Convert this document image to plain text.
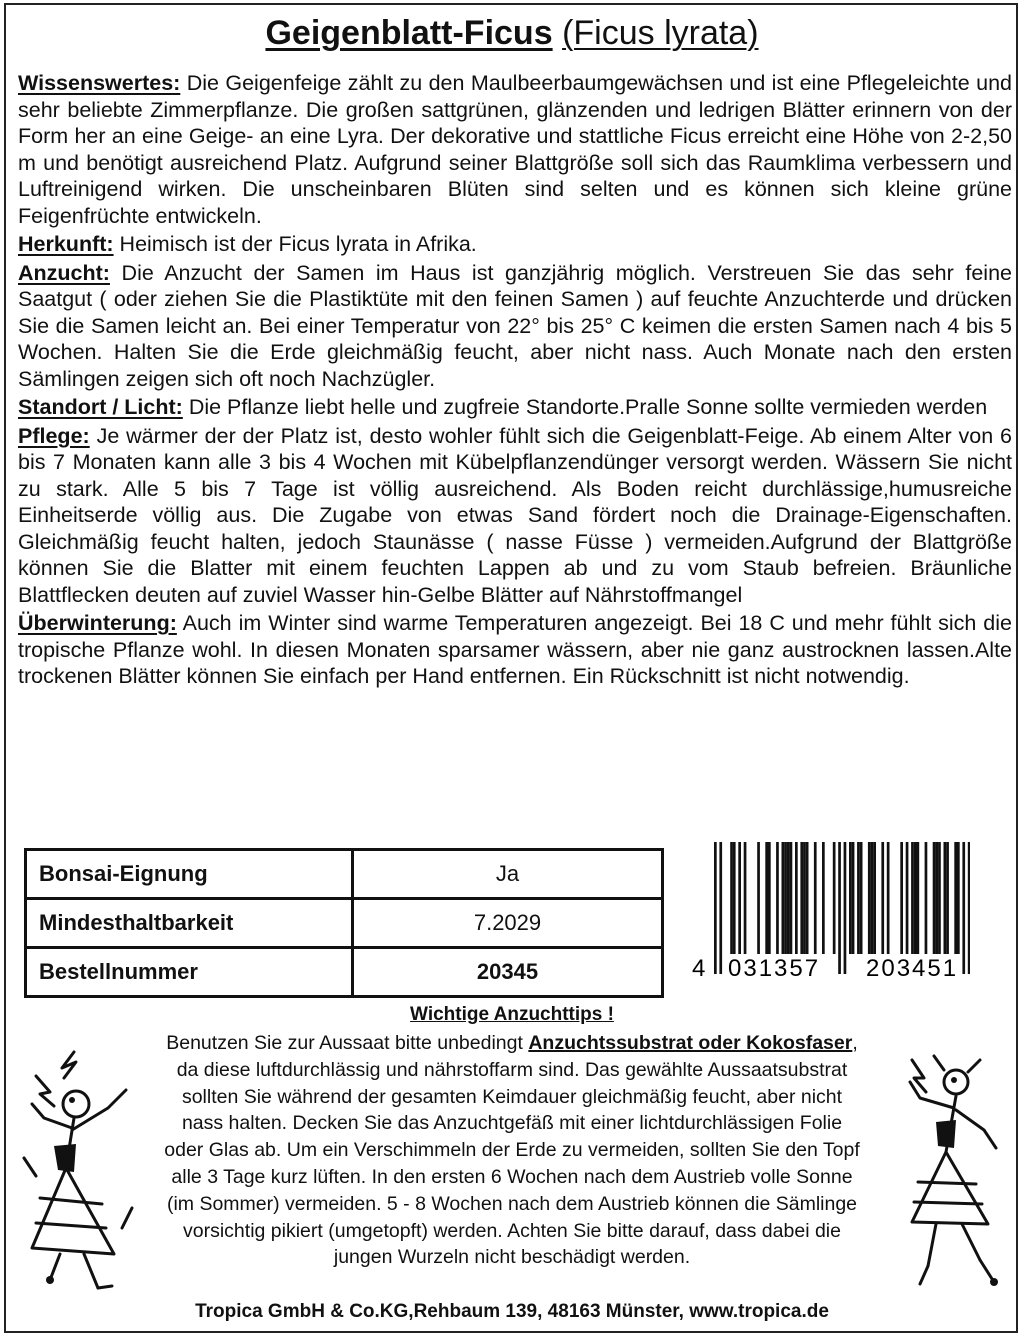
Geigenblatt-Ficus (Ficus lyrata)

Wissenswertes: Die Geigenfeige zählt zu den Maulbeerbaumgewächsen und ist eine Pflegeleichte und sehr beliebte Zimmerpflanze. Die großen sattgrünen, glänzenden und ledrigen Blätter erinnern von der Form her an eine Geige- an eine Lyra. Der dekorative und stattliche Ficus erreicht eine Höhe von 2-2,50 m und benötigt ausreichend Platz. Aufgrund seiner Blattgröße soll sich das Raumklima verbessern und Luftreinigend wirken. Die unscheinbaren Blüten sind selten und es können sich kleine grüne Feigenfrüchte entwickeln.

Herkunft: Heimisch ist der Ficus lyrata in Afrika.

Anzucht: Die Anzucht der Samen im Haus ist ganzjährig möglich. Verstreuen Sie das sehr feine Saatgut ( oder ziehen Sie die Plastiktüte mit den feinen Samen ) auf feuchte Anzuchterde und drücken Sie die Samen leicht an. Bei einer Temperatur von 22° bis 25° C keimen die ersten Samen nach 4 bis 5 Wochen. Halten Sie die Erde gleichmäßig feucht, aber nicht nass. Auch Monate nach den ersten Sämlingen zeigen sich oft noch Nachzügler.

Standort / Licht: Die Pflanze liebt helle und zugfreie Standorte.Pralle Sonne sollte vermieden werden

Pflege: Je wärmer der der Platz ist, desto wohler fühlt sich die Geigenblatt-Feige. Ab einem Alter von 6 bis 7 Monaten kann alle 3 bis 4 Wochen mit Kübelpflanzendünger versorgt werden. Wässern Sie nicht zu stark. Alle 5 bis 7 Tage ist völlig ausreichend. Als Boden reicht durchlässige,humusreiche Einheitserde völlig aus. Die Zugabe von etwas Sand fördert noch die Drainage-Eigenschaften. Gleichmäßig feucht halten, jedoch Staunässe ( nasse Füsse ) vermeiden.Aufgrund der Blattgröße können Sie die Blatter mit einem feuchten Lappen ab und zu vom Staub befreien. Bräunliche Blattflecken deuten auf zuviel Wasser hin-Gelbe Blätter auf Nährstoffmangel

Überwinterung: Auch im Winter sind warme Temperaturen angezeigt. Bei 18 C und mehr fühlt sich die tropische Pflanze wohl. In diesen Monaten sparsamer wässern, aber nie ganz austrocknen lassen.Alte trockenen Blätter können Sie einfach per Hand entfernen. Ein Rückschnitt ist nicht notwendig.

Bonsai-Eignung	Ja
Mindesthaltbarkeit	7.2029
Bestellnummer	20345	4 031357 203451
Wichtige Anzuchttips !
Benutzen Sie zur Aussaat bitte unbedingt Anzuchtssubstrat oder Kokosfaser, da diese luftdurchlässig und nährstoffarm sind. Das gewählte Aussaatsubstrat sollten Sie während der gesamten Keimdauer gleichmäßig feucht, aber nicht nass halten. Decken Sie das Anzuchtgefäß mit einer lichtdurchlässigen Folie oder Glas ab. Um ein Verschimmeln der Erde zu vermeiden, sollten Sie den Topf alle 3 Tage kurz lüften. In den ersten 6 Wochen nach dem Austrieb volle Sonne (im Sommer) vermeiden. 5 - 8 Wochen nach dem Austrieb können die Sämlinge vorsichtig pikiert (umgetopft) werden. Achten Sie bitte darauf, dass dabei die jungen Wurzeln nicht beschädigt werden.
Tropica GmbH & Co.KG,Rehbaum 139, 48163 Münster, www.tropica.de
